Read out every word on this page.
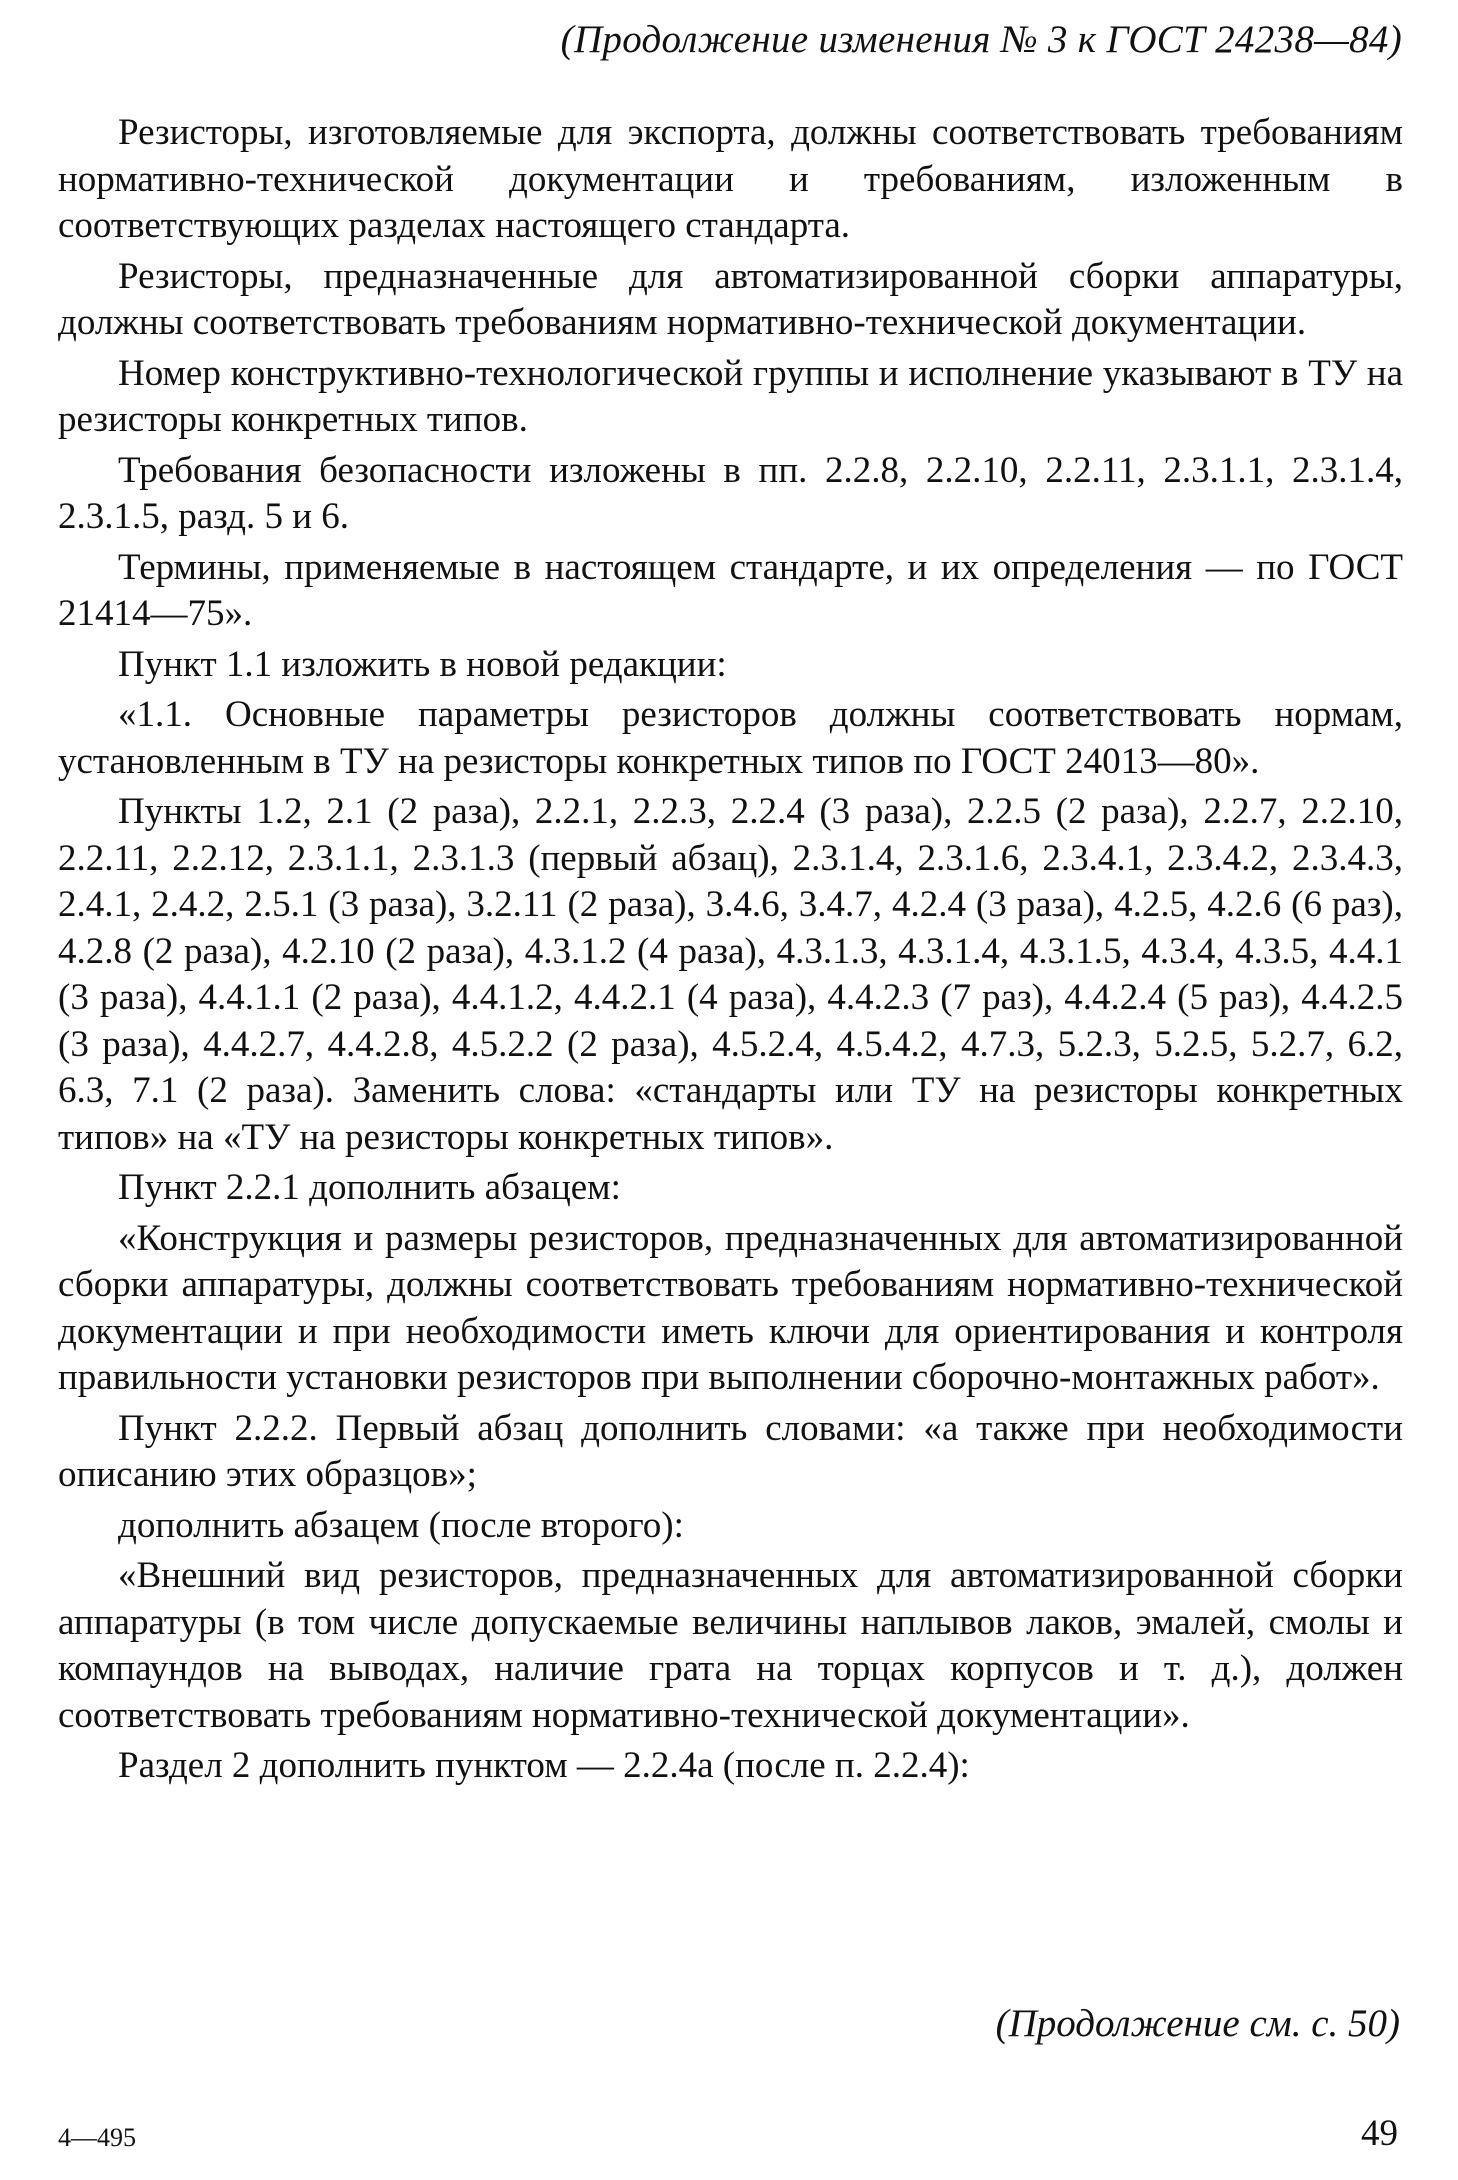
(Продолжение изменения № 3 к ГОСТ 24238—84)

Резисторы, изготовляемые для экспорта, должны соответствовать требованиям нормативно-технической документации и требованиям, изложенным в соответствующих разделах настоящего стандарта.

Резисторы, предназначенные для автоматизированной сборки аппаратуры, должны соответствовать требованиям нормативно-технической документации.

Номер конструктивно-технологической группы и исполнение указывают в ТУ на резисторы конкретных типов.

Требования безопасности изложены в пп. 2.2.8, 2.2.10, 2.2.11, 2.3.1.1, 2.3.1.4, 2.3.1.5, разд. 5 и 6.

Термины, применяемые в настоящем стандарте, и их определения — по ГОСТ 21414—75».

Пункт 1.1 изложить в новой редакции:

«1.1. Основные параметры резисторов должны соответствовать нормам, установленным в ТУ на резисторы конкретных типов по ГОСТ 24013—80».

Пункты 1.2, 2.1 (2 раза), 2.2.1, 2.2.3, 2.2.4 (3 раза), 2.2.5 (2 раза), 2.2.7, 2.2.10, 2.2.11, 2.2.12, 2.3.1.1, 2.3.1.3 (первый абзац), 2.3.1.4, 2.3.1.6, 2.3.4.1, 2.3.4.2, 2.3.4.3, 2.4.1, 2.4.2, 2.5.1 (3 раза), 3.2.11 (2 раза), 3.4.6, 3.4.7, 4.2.4 (3 раза), 4.2.5, 4.2.6 (6 раз), 4.2.8 (2 раза), 4.2.10 (2 раза), 4.3.1.2 (4 раза), 4.3.1.3, 4.3.1.4, 4.3.1.5, 4.3.4, 4.3.5, 4.4.1 (3 раза), 4.4.1.1 (2 раза), 4.4.1.2, 4.4.2.1 (4 раза), 4.4.2.3 (7 раз), 4.4.2.4 (5 раз), 4.4.2.5 (3 раза), 4.4.2.7, 4.4.2.8, 4.5.2.2 (2 раза), 4.5.2.4, 4.5.4.2, 4.7.3, 5.2.3, 5.2.5, 5.2.7, 6.2, 6.3, 7.1 (2 раза). Заменить слова: «стандарты или ТУ на резисторы конкретных типов» на «ТУ на резисторы конкретных типов».

Пункт 2.2.1 дополнить абзацем:

«Конструкция и размеры резисторов, предназначенных для автоматизированной сборки аппаратуры, должны соответствовать требованиям нормативно-технической документации и при необходимости иметь ключи для ориентирования и контроля правильности установки резисторов при выполнении сборочно-монтажных работ».

Пункт 2.2.2. Первый абзац дополнить словами: «а также при необходимости описанию этих образцов»;

дополнить абзацем (после второго):

«Внешний вид резисторов, предназначенных для автоматизированной сборки аппаратуры (в том числе допускаемые величины наплывов лаков, эмалей, смолы и компаундов на выводах, наличие грата на торцах корпусов и т. д.), должен соответствовать требованиям нормативно-технической документации».

Раздел 2 дополнить пунктом — 2.2.4а (после п. 2.2.4):

(Продолжение см. с. 50)
4—495	49
